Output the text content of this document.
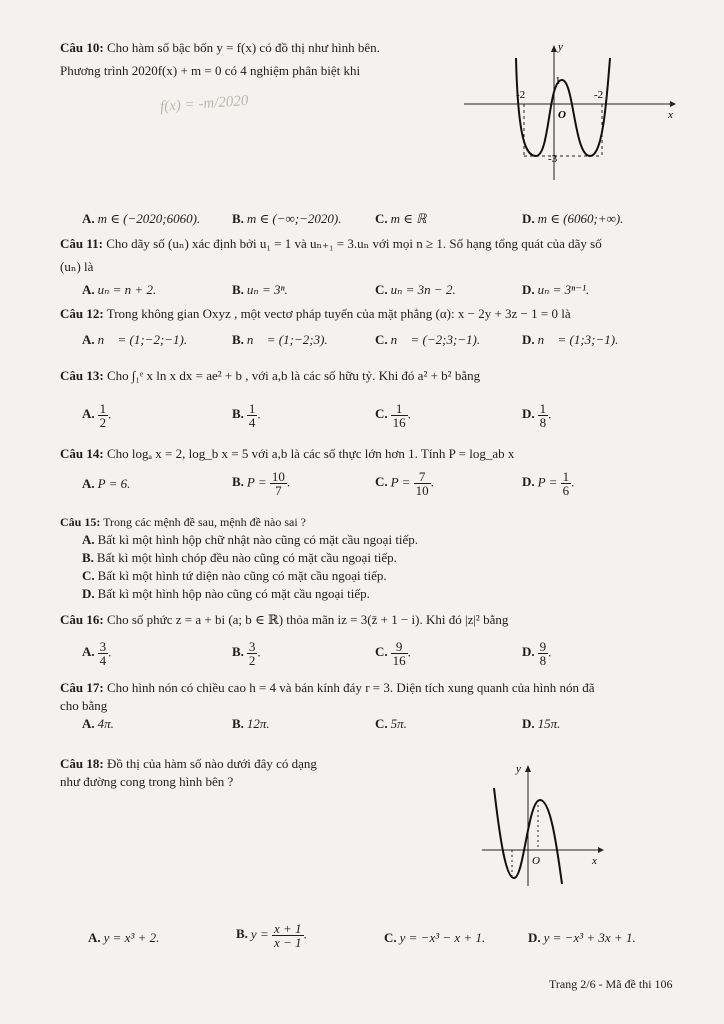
Câu 10: Cho hàm số bậc bốn y = f(x) có đồ thị như hình bên.
Phương trình 2020f(x) + m = 0 có 4 nghiệm phân biệt khi
f(x) = -m/2020
y
x
O
-2	-2
1
-3
A. m ∈ (−2020;6060). B. m ∈ (−∞;−2020).	C. m ∈ ℝ	D. m ∈ (6060;+∞).
Câu 11: Cho dãy số (uₙ) xác định bởi u₁ = 1 và uₙ₊₁ = 3.uₙ với mọi n ≥ 1. Số hạng tổng quát của dãy số
(uₙ) là
A. uₙ = n + 2.	B. uₙ = 3ⁿ.	C. uₙ = 3n − 2.	D. uₙ = 3ⁿ⁻¹.
Câu 12: Trong không gian Oxyz , một vectơ pháp tuyến của mặt phẳng (α): x − 2y + 3z − 1 = 0 là
A. n⃗ = (1;−2;−1).	B. n⃗ = (1;−2;3).	C. n⃗ = (−2;3;−1).	D. n⃗ = (1;3;−1).
Câu 13: Cho ∫₁ᵉ x ln x dx = ae² + b , với a,b là các số hữu tỷ. Khi đó a² + b² bằng
A. $\frac{1}{2}$ .	B. $\frac{1}{4}$ .	C. $\frac{1}{16}$ .	D. $\frac{1}{8}$ .
Câu 14: Cho logₐ x = 2, log_b x = 5 với a,b là các số thực lớn hơn 1. Tính P = log_ab x
A. P = 6.	B. $P = \frac{10}{7}$ .	C. $P = \frac{7}{10}$ .	D. $P = \frac{1}{6}$ .
Câu 15: Trong các mệnh đề sau, mệnh đề nào sai ?
A. Bất kì một hình hộp chữ nhật nào cũng có mặt cầu ngoại tiếp.
B. Bất kì một hình chóp đều nào cũng có mặt cầu ngoại tiếp.
C. Bất kì một hình tứ diện nào cũng có mặt cầu ngoại tiếp.
D. Bất kì một hình hộp nào cũng có mặt cầu ngoại tiếp.
Câu 16: Cho số phức z = a + bi (a; b ∈ ℝ) thỏa mãn iz = 3(z̄ + 1 − i). Khi đó |z|² bằng
A. $\frac{3}{4}$ .	B. $\frac{3}{2}$ .	C. $\frac{9}{16}$ .	D. $\frac{9}{8}$ .
Câu 17: Cho hình nón có chiều cao h = 4 và bán kính đáy r = 3. Diện tích xung quanh của hình nón đã
cho bằng
A. 4π.	B. 12π.	C. 5π.	D. 15π.
Câu 18: Đồ thị của hàm số nào dưới đây có dạng
như đường cong trong hình bên ?
y
x
O
A. y = x³ + 2.	B. $y = \frac{x + 1}{x - 1}$ .	C. y = −x³ − x + 1.	D. y = −x³ + 3x + 1.
Trang 2/6 - Mã đề thi 106
